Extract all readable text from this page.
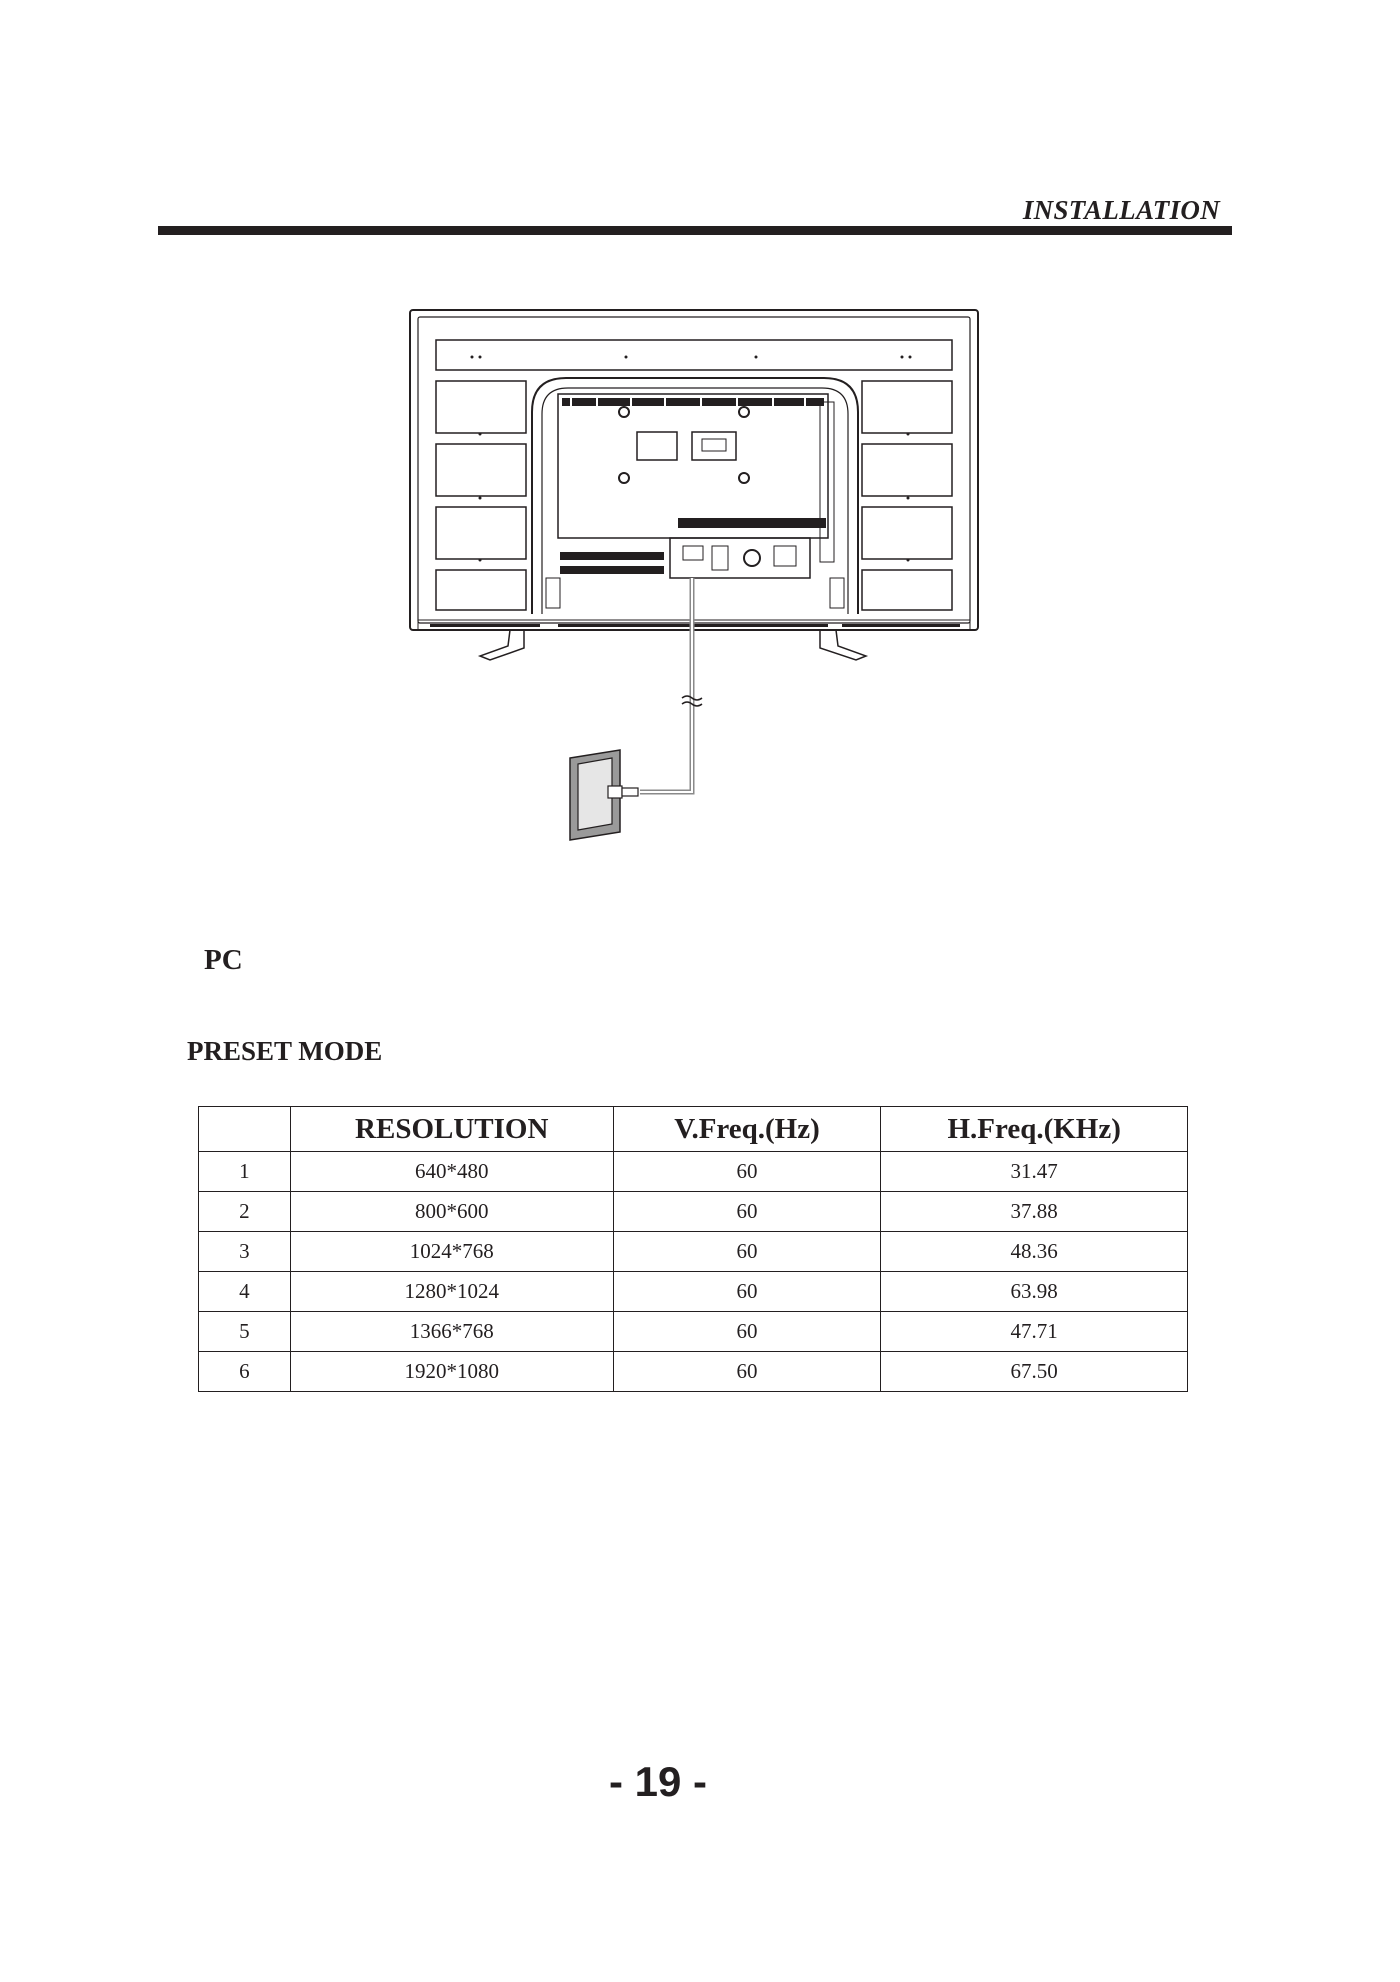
INSTALLATION
PC
PRESET MODE
	RESOLUTION	V.Freq.(Hz)	H.Freq.(KHz)
1	640*480	60	31.47
2	800*600	60	37.88
3	1024*768	60	48.36
4	1280*1024	60	63.98
5	1366*768	60	47.71
6	1920*1080	60	67.50
- 19 -
